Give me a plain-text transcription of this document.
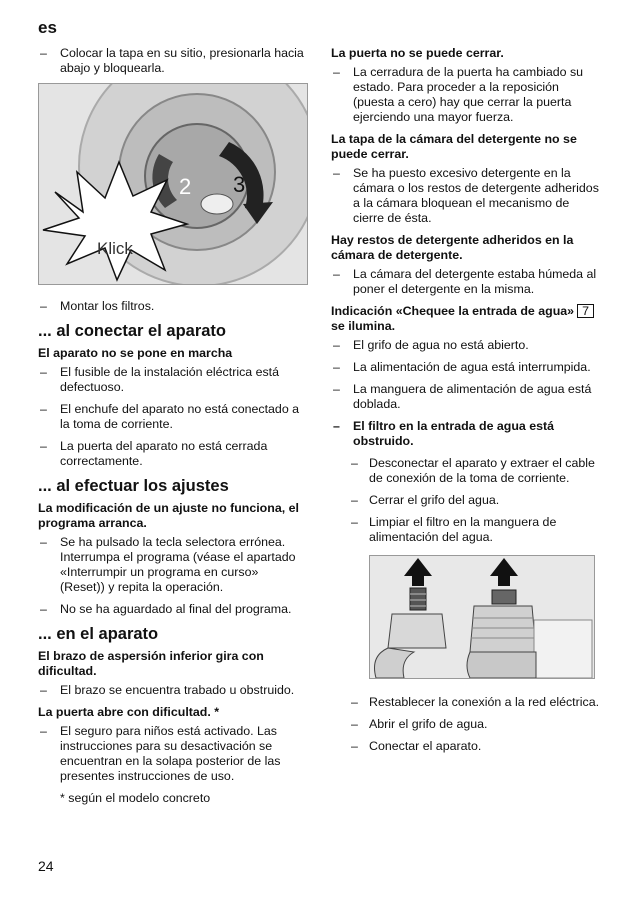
es
– Colocar la tapa en su sitio, presionarla hacia abajo y bloquearla.
2 3
Klick
– Montar los filtros.
... al conectar el aparato
El aparato no se pone en marcha
– El fusible de la instalación eléctrica está defectuoso.
– El enchufe del aparato no está conectado a la toma de corriente.
– La puerta del aparato no está cerrada correctamente.
... al efectuar los ajustes
La modificación de un ajuste no funciona, el programa arranca.
– Se ha pulsado la tecla selectora errónea. Interrumpa el programa (véase el apartado «Interrumpir un programa en curso» (Reset)) y repita la operación.
– No se ha aguardado al final del programa.
... en el aparato
El brazo de aspersión inferior gira con dificultad.
– El brazo se encuentra trabado u obstruido.
La puerta abre con dificultad. *
– El seguro para niños está activado. Las instrucciones para su desactivación se encuentran en la solapa posterior de las presentes instrucciones de uso.
* según el modelo concreto
La puerta no se puede cerrar.
– La cerradura de la puerta ha cambiado su estado. Para proceder a la reposición (puesta a cero) hay que cerrar la puerta ejerciendo una mayor fuerza.
La tapa de la cámara del detergente no se puede cerrar.
– Se ha puesto excesivo detergente en la cámara o los restos de detergente adheridos a la cámara bloquean el mecanismo de cierre de ésta.
Hay restos de detergente adheridos en la cámara de detergente.
– La cámara del detergente estaba húmeda al poner el detergente en la misma.
Indicación «Chequee la entrada de agua» 7se ilumina.
– El grifo de agua no está abierto.
– La alimentación de agua está interrumpida.
– La manguera de alimentación de agua está doblada.
– El filtro en la entrada de agua está obstruido.
– Desconectar el aparato y extraer el cable de conexión de la toma de corriente.
– Cerrar el grifo del agua.
– Limpiar el filtro en la manguera de alimentación del agua.
– Restablecer la conexión a la red eléctrica.
– Abrir el grifo de agua.
– Conectar el aparato.
24
